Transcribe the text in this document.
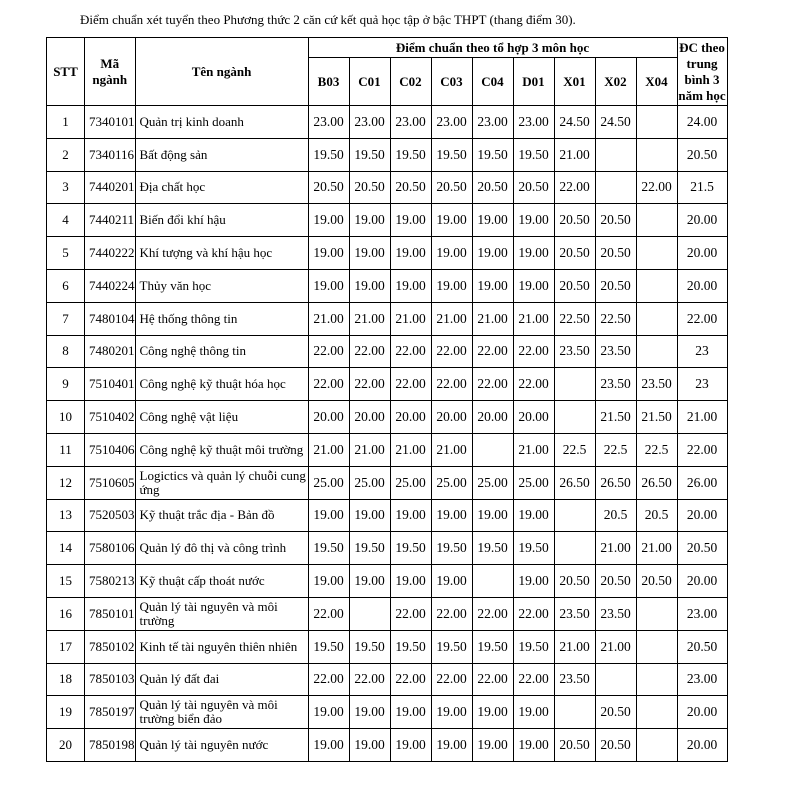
Điểm chuẩn xét tuyển theo Phương thức 2 căn cứ kết quả học tập ở bậc THPT (thang điểm 30).
STT	Mã ngành	Tên ngành	Điểm chuẩn theo tổ hợp 3 môn học									ĐC theo trung bình 3 năm học
			B03	C01	C02	C03	C04	D01	X01	X02	X04	
1	7340101	Quản trị kinh doanh	23.00	23.00	23.00	23.00	23.00	23.00	24.50	24.50		24.00
2	7340116	Bất động sản	19.50	19.50	19.50	19.50	19.50	19.50	21.00			20.50
3	7440201	Địa chất học	20.50	20.50	20.50	20.50	20.50	20.50	22.00		22.00	21.5
4	7440211	Biến đổi khí hậu	19.00	19.00	19.00	19.00	19.00	19.00	20.50	20.50		20.00
5	7440222	Khí tượng và khí hậu học	19.00	19.00	19.00	19.00	19.00	19.00	20.50	20.50		20.00
6	7440224	Thủy văn học	19.00	19.00	19.00	19.00	19.00	19.00	20.50	20.50		20.00
7	7480104	Hệ thống thông tin	21.00	21.00	21.00	21.00	21.00	21.00	22.50	22.50		22.00
8	7480201	Công nghệ thông tin	22.00	22.00	22.00	22.00	22.00	22.00	23.50	23.50		23
9	7510401	Công nghệ kỹ thuật hóa học	22.00	22.00	22.00	22.00	22.00	22.00		23.50	23.50	23
10	7510402	Công nghệ vật liệu	20.00	20.00	20.00	20.00	20.00	20.00		21.50	21.50	21.00
11	7510406	Công nghệ kỹ thuật môi trường	21.00	21.00	21.00	21.00		21.00	22.5	22.5	22.5	22.00
12	7510605	Logictics và quản lý chuỗi cung ứng	25.00	25.00	25.00	25.00	25.00	25.00	26.50	26.50	26.50	26.00
13	7520503	Kỹ thuật trắc địa - Bản đồ	19.00	19.00	19.00	19.00	19.00	19.00		20.5	20.5	20.00
14	7580106	Quản lý đô thị và công trình	19.50	19.50	19.50	19.50	19.50	19.50		21.00	21.00	20.50
15	7580213	Kỹ thuật cấp thoát nước	19.00	19.00	19.00	19.00		19.00	20.50	20.50	20.50	20.00
16	7850101	Quản lý tài nguyên và môi trường	22.00		22.00	22.00	22.00	22.00	23.50	23.50		23.00
17	7850102	Kinh tế tài nguyên thiên nhiên	19.50	19.50	19.50	19.50	19.50	19.50	21.00	21.00		20.50
18	7850103	Quản lý đất đai	22.00	22.00	22.00	22.00	22.00	22.00	23.50			23.00
19	7850197	Quản lý tài nguyên và môi trường biển đảo	19.00	19.00	19.00	19.00	19.00	19.00		20.50		20.00
20	7850198	Quản lý tài nguyên nước	19.00	19.00	19.00	19.00	19.00	19.00	20.50	20.50		20.00
